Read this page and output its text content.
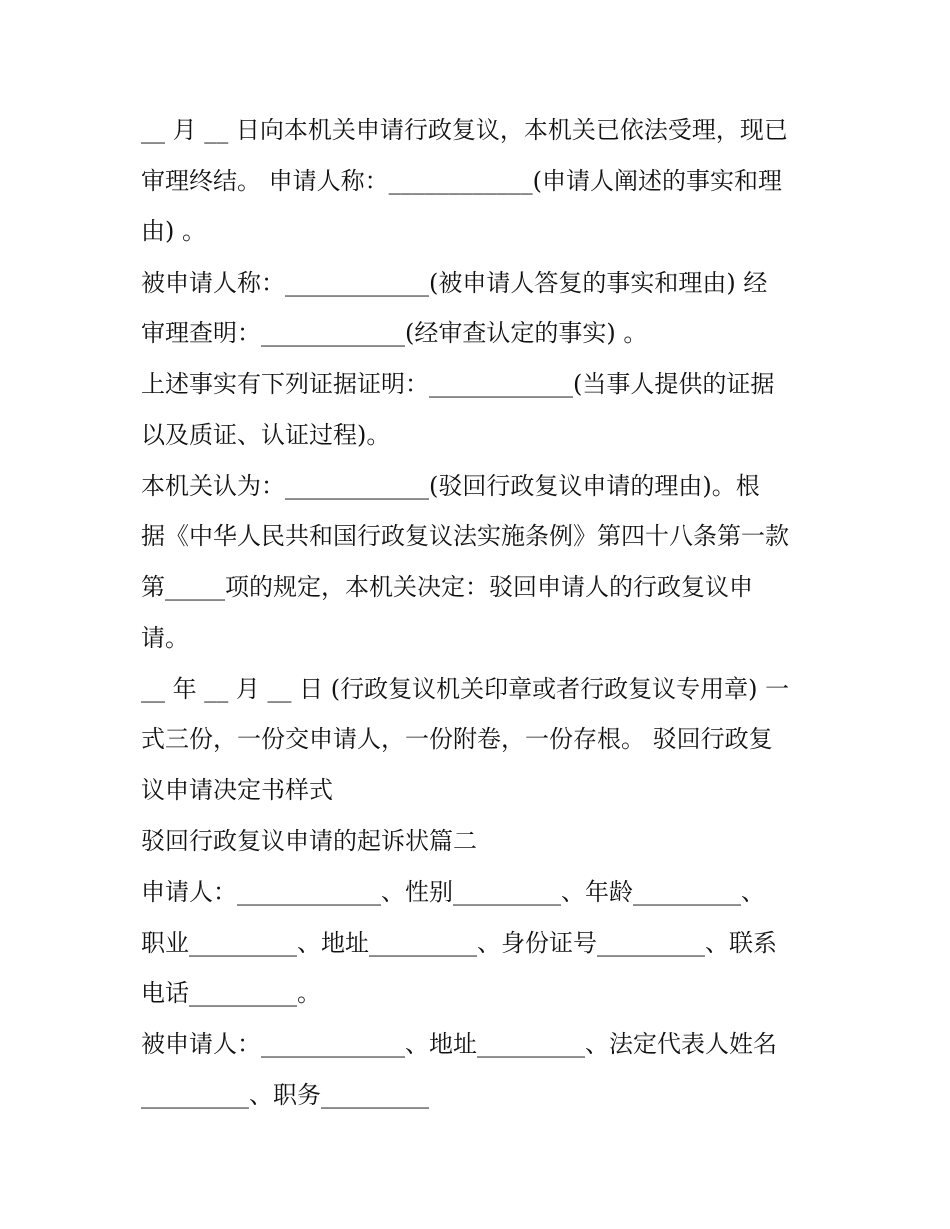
__ 月 __ 日向本机关申请行政复议，本机关已依法受理，现已

审理终结。 申请人称：____________(申请人阐述的事实和理

由) 。

被申请人称：____________(被申请人答复的事实和理由) 经

审理查明：____________(经审查认定的事实) 。

上述事实有下列证据证明：____________(当事人提供的证据

以及质证、认证过程)。

本机关认为：____________(驳回行政复议申请的理由)。根

据《中华人民共和国行政复议法实施条例》第四十八条第一款

第_____项的规定，本机关决定：驳回申请人的行政复议申

请。

__ 年 __ 月 __ 日 (行政复议机关印章或者行政复议专用章) 一

式三份，一份交申请人，一份附卷，一份存根。 驳回行政复

议申请决定书样式

驳回行政复议申请的起诉状篇二

申请人：____________、性别_________、年龄_________、

职业_________、地址_________、身份证号_________、联系

电话_________。

被申请人：____________、地址_________、法定代表人姓名

_________、职务_________
